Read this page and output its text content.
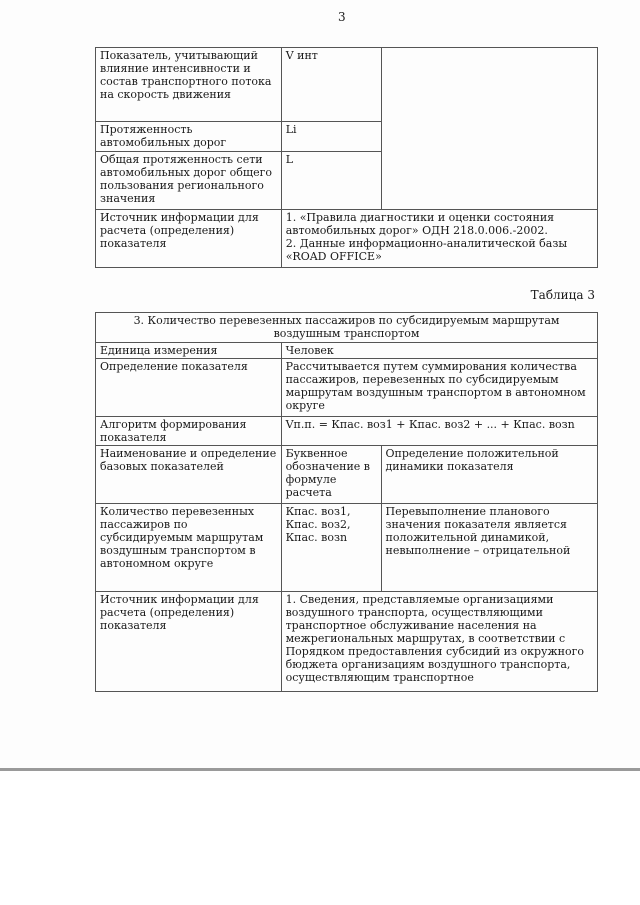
3
Показатель, учитывающий влияние интенсивности и состав транспортного потока на скорость движения	V инт	
Протяженность автомобильных дорог	Li	
Общая протяженность сети автомобильных дорог общего пользования регионального значения	L	
Источник информации для расчета (определения) показателя	1. «Правила диагностики и оценки состояния автомобильных дорог» ОДН 218.0.006.-2002.
2. Данные информационно-аналитической базы «ROAD OFFICE»	
Таблица 3
3. Количество перевезенных пассажиров по субсидируемым маршрутам воздушным транспортом		
Единица измерения	Человек	
Определение показателя	Рассчитывается путем суммирования количества пассажиров, перевезенных по субсидируемым маршрутам воздушным транспортом в автономном округе	
Алгоритм формирования показателя	Vп.п. = Кпас. воз1 + Кпас. воз2 + ... + Кпас. возn	
Наименование и определение базовых показателей	Буквенное обозначение в формуле расчета	Определение положительной динамики показателя
Количество перевезенных пассажиров по субсидируемым маршрутам воздушным транспортом в автономном округе	Кпас. воз1,
Кпас. воз2,
Кпас. возn	Перевыполнение планового значения показателя является положительной динамикой, невыполнение – отрицательной
Источник информации для расчета (определения) показателя	1. Сведения, представляемые организациями воздушного транспорта, осуществляющими транспортное обслуживание населения на межрегиональных маршрутах, в соответствии с Порядком предоставления субсидий из окружного бюджета организациям воздушного транспорта, осуществляющим транспортное	
